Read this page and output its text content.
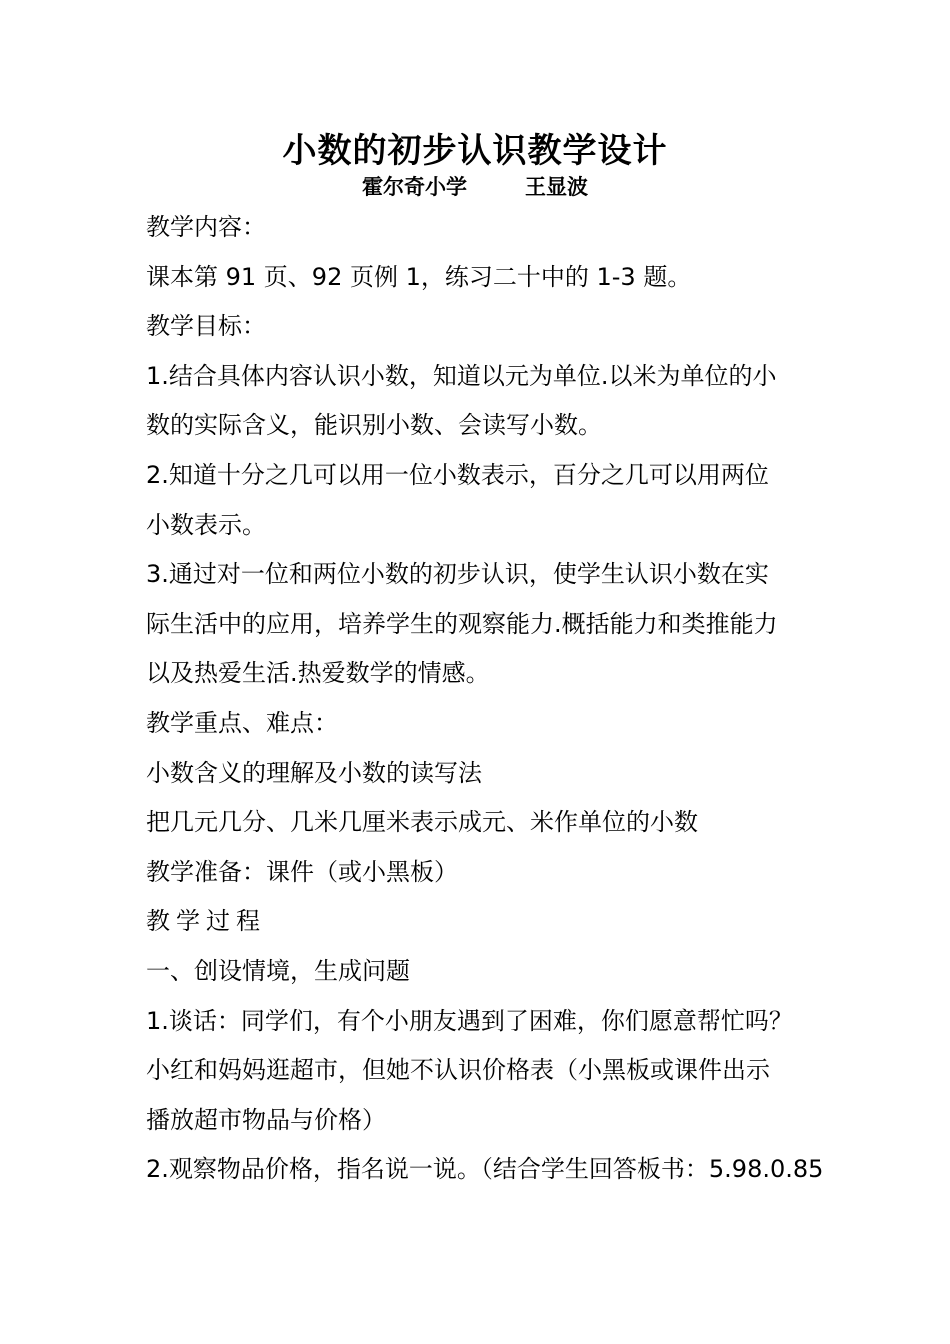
小数的初步认识教学设计
霍尔奇小学	王显波
教学内容：
课本第 91 页、92 页例 1，练习二十中的 1-3 题。
教学目标：
1.结合具体内容认识小数，知道以元为单位.以米为单位的小
数的实际含义，能识别小数、会读写小数。
2.知道十分之几可以用一位小数表示，百分之几可以用两位
小数表示。
3.通过对一位和两位小数的初步认识，使学生认识小数在实
际生活中的应用，培养学生的观察能力.概括能力和类推能力
以及热爱生活.热爱数学的情感。
教学重点、难点：
小数含义的理解及小数的读写法
把几元几分、几米几厘米表示成元、米作单位的小数
教学准备：课件（或小黑板）
教学过程
一、创设情境，生成问题
1.谈话：同学们，有个小朋友遇到了困难，你们愿意帮忙吗？
小红和妈妈逛超市，但她不认识价格表（小黑板或课件出示
播放超市物品与价格）
2.观察物品价格，指名说一说。（结合学生回答板书：5.98.0.85
